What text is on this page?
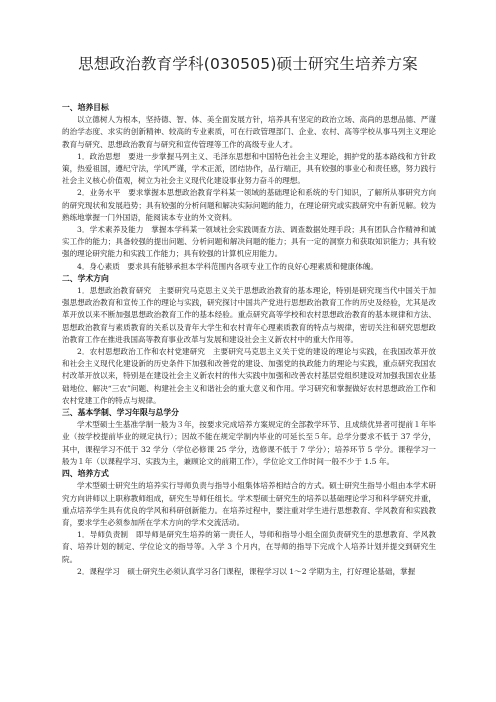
思想政治教育学科(030505)硕士研究生培养方案
一、培养目标
以立德树人为根本，坚持德、智、体、美全面发展方针，培养具有坚定的政治立场、高尚的思想品德、严谨的治学态度、求实的创新精神、较高的专业素质，可在行政管理部门、企业、农村、高等学校从事马列主义理论教育与研究、思想政治教育与研究和宣传管理等工作的高级专业人才。
1．政治思想　要进一步掌握马列主义、毛泽东思想和中国特色社会主义理论，拥护党的基本路线和方针政策，热爱祖国，遵纪守法，学风严谨，学术正派，团结协作，品行端正，具有较强的事业心和责任感，努力践行社会主义核心价值观，树立为社会主义现代化建设事业努力奋斗的理想。
2．业务水平　要求掌握本思想政治教育学科某一领域的基础理论和系统的专门知识，了解所从事研究方向的研究现状和发展趋势；具有较强的分析问题和解决实际问题的能力，在理论研究或实践研究中有新见解。较为熟练地掌握一门外国语，能阅读本专业的外文资料。
3．学术素养及能力　掌握本学科某一领域社会实践调查方法、调查数据处理手段；具有团队合作精神和诚实工作的能力；具备较强的提出问题、分析问题和解决问题的能力；具有一定的洞察力和获取知识能力；具有较强的理论研究能力和实践工作能力；具有较强的计算机应用能力。
4．身心素质　要求具有能够承担本学科范围内各项专业工作的良好心理素质和健康体魄。
二、学术方向
1．思想政治教育研究　主要研究马克思主义关于思想政治教育的基本理论，特别是研究现当代中国关于加强思想政治教育和宣传工作的理论与实践，研究探讨中国共产党进行思想政治教育工作的历史及经验，尤其是改革开放以来不断加强思想政治教育工作的基本经验。重点研究高等学校和农村思想政治教育的基本规律和方法、思想政治教育与素质教育的关系以及青年大学生和农村青年心理素质教育的特点与规律，密切关注和研究思想政治教育工作在推进我国高等教育事业改革与发展和建设社会主义新农村中的重大作用等。
2．农村思想政治工作和农村党建研究　主要研究马克思主义关于党的建设的理论与实践，在我国改革开放和社会主义现代化建设新的历史条件下加强和改善党的建设、加强党的执政能力的理论与实践，重点研究我国农村改革开放以来，特别是在建设社会主义新农村的伟大实践中加强和改善农村基层党组织建设对加强我国农业基础地位、解决“三农”问题、构建社会主义和谐社会的重大意义和作用。学习研究和掌握做好农村思想政治工作和农村党建工作的特点与规律。
三、基本学制、学习年限与总学分
学术型硕士生基准学制一般为３年，按要求完成培养方案规定的全部教学环节、且成绩优异者可提前１年毕业（按学校提前毕业的规定执行）；因故不能在规定学制内毕业的可延长至５年。总学分要求不低于 37 学分，其中，课程学习不低于 32 学分（学位必修课 25 学分，选修课不低于 7 学分）；培养环节 5 学分。课程学习一般为１年（以课程学习、实践为主，兼顾论文的前期工作），学位论文工作时间一般不少于 1.5 年。
四、培养方式
学术型硕士研究生的培养实行导师负责与指导小组集体培养相结合的方式。硕士研究生指导小组由本学术研究方向讲师以上职称教师组成，研究生导师任组长。学术型硕士研究生的培养以基础理论学习和科学研究并重，重点培养学生具有优良的学风和科研创新能力。在培养过程中，要注重对学生进行思想教育、学风教育和实践教育，要求学生必须参加所在学术方向的学术交流活动。
1．导师负责制　即导师是研究生培养的第一责任人，导师和指导小组全面负责研究生的思想教育、学风教育、培养计划的制定、学位论文的指导等。入学 3 个月内，在导师的指导下完成个人培养计划并提交到研究生院。
2．课程学习　硕士研究生必须认真学习各门课程，课程学习以 1～2 学期为主，打好理论基础，掌握
